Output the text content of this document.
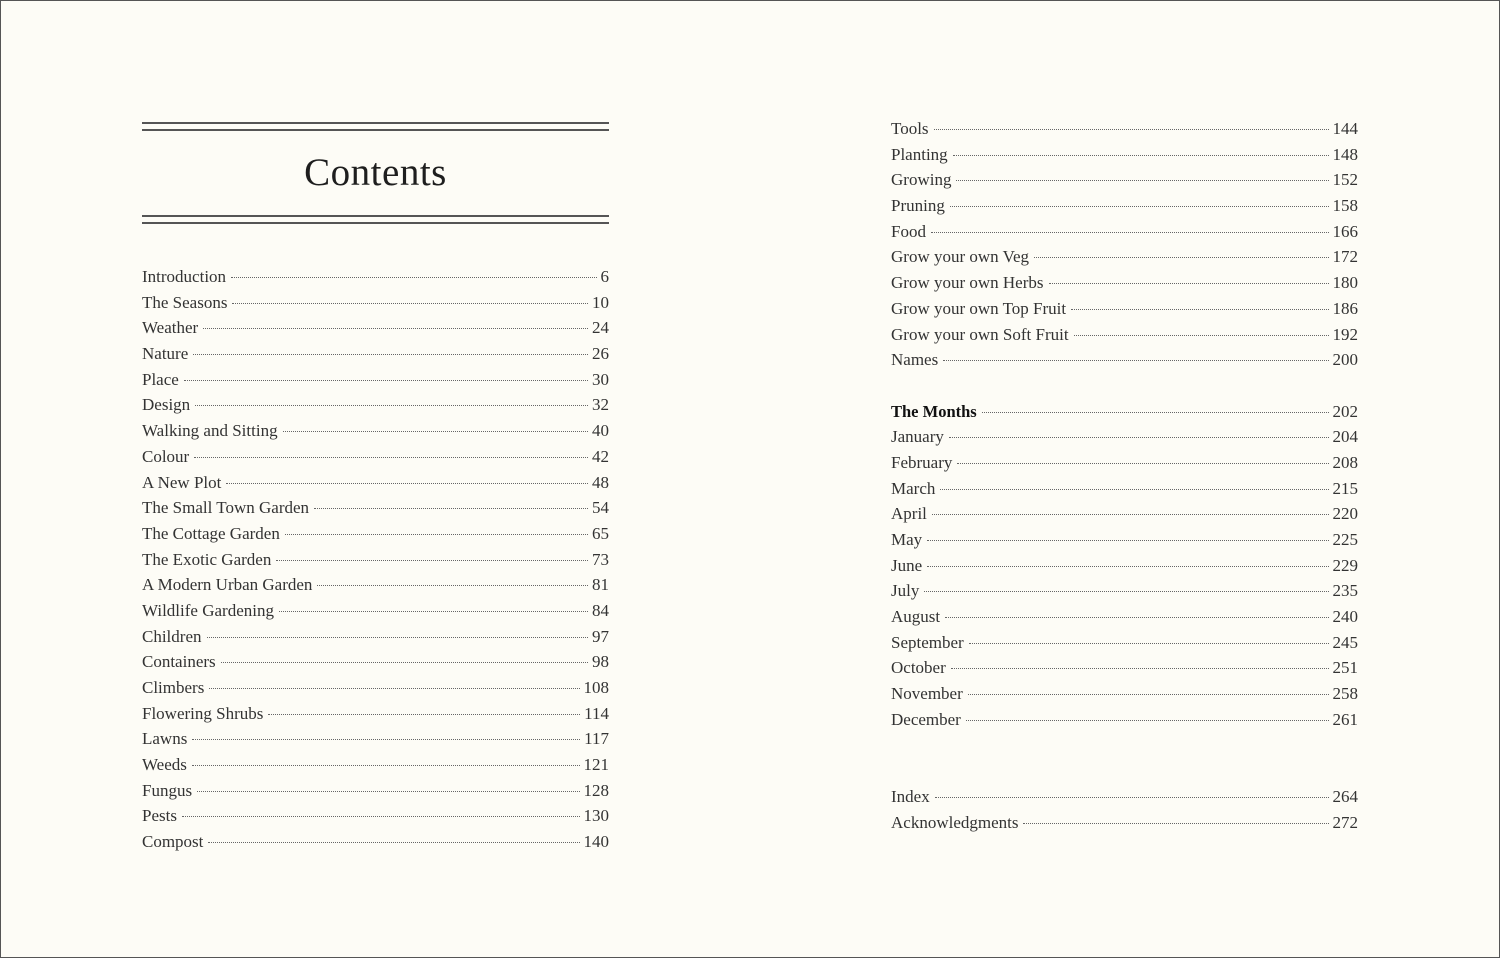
Contents
Introduction	6
The Seasons	10
Weather	24
Nature	26
Place	30
Design	32
Walking and Sitting	40
Colour	42
A New Plot	48
The Small Town Garden	54
The Cottage Garden	65
The Exotic Garden	73
A Modern Urban Garden	81
Wildlife Gardening	84
Children	97
Containers	98
Climbers	108
Flowering Shrubs	114
Lawns	117
Weeds	121
Fungus	128
Pests	130
Compost	140
Tools	144
Planting	148
Growing	152
Pruning	158
Food	166
Grow your own Veg	172
Grow your own Herbs	180
Grow your own Top Fruit	186
Grow your own Soft Fruit	192
Names	200
The Months	202
January	204
February	208
March	215
April	220
May	225
June	229
July	235
August	240
September	245
October	251
November	258
December	261
Index	264
Acknowledgments	272
